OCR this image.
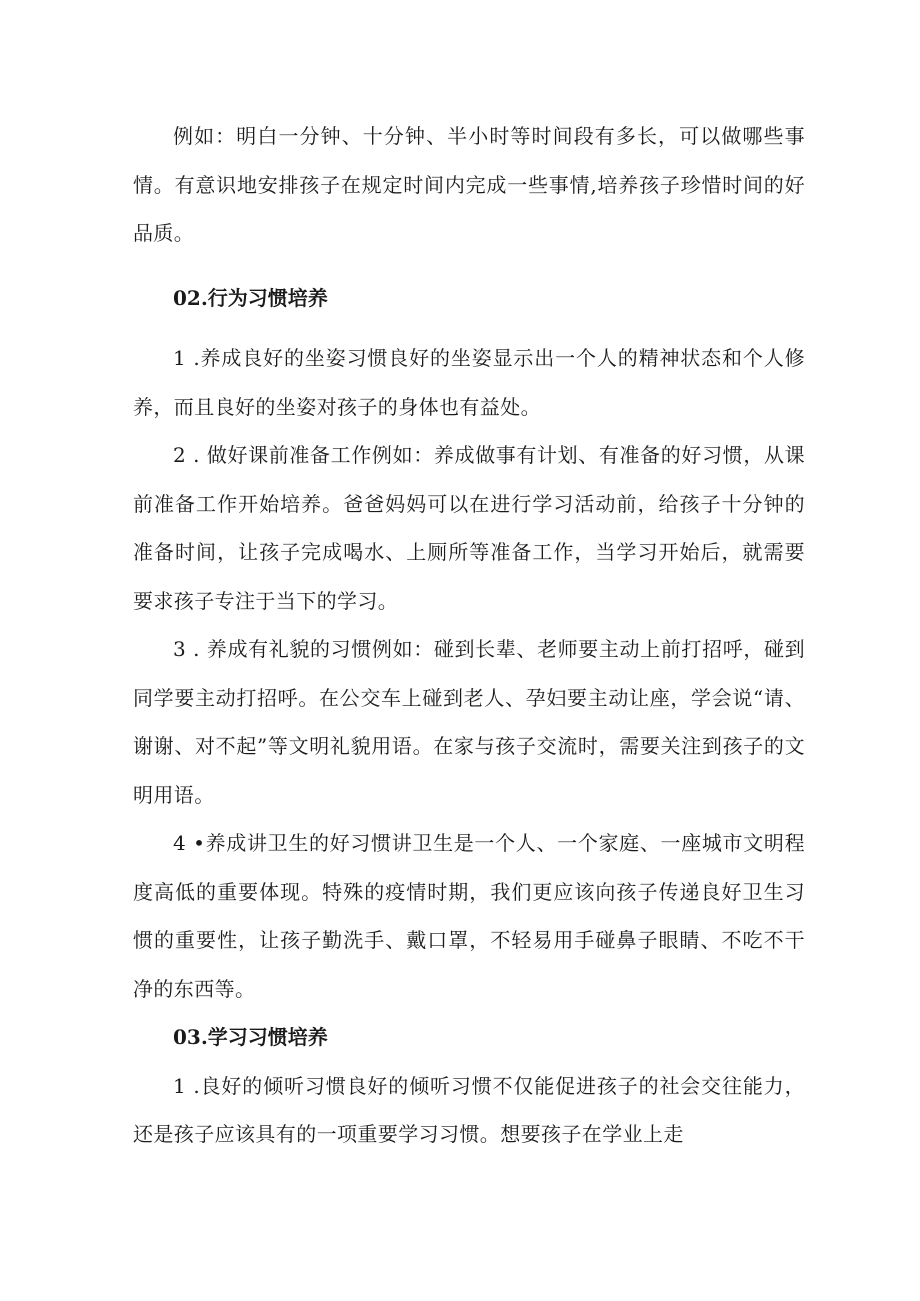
例如：明白一分钟、十分钟、半小时等时间段有多长，可以做哪些事情。有意识地安排孩子在规定时间内完成一些事情,培养孩子珍惜时间的好品质。

02.行为习惯培养

1 .养成良好的坐姿习惯良好的坐姿显示出一个人的精神状态和个人修养，而且良好的坐姿对孩子的身体也有益处。

2 . 做好课前准备工作例如：养成做事有计划、有准备的好习惯，从课前准备工作开始培养。爸爸妈妈可以在进行学习活动前，给孩子十分钟的准备时间，让孩子完成喝水、上厕所等准备工作，当学习开始后，就需要要求孩子专注于当下的学习。

3 . 养成有礼貌的习惯例如：碰到长辈、老师要主动上前打招呼，碰到同学要主动打招呼。在公交车上碰到老人、孕妇要主动让座，学会说“请、谢谢、对不起”等文明礼貌用语。在家与孩子交流时，需要关注到孩子的文明用语。

4 •养成讲卫生的好习惯讲卫生是一个人、一个家庭、一座城市文明程度高低的重要体现。特殊的疫情时期，我们更应该向孩子传递良好卫生习惯的重要性，让孩子勤洗手、戴口罩，不轻易用手碰鼻子眼睛、不吃不干净的东西等。

03.学习习惯培养

1 .良好的倾听习惯良好的倾听习惯不仅能促进孩子的社会交往能力，还是孩子应该具有的一项重要学习习惯。想要孩子在学业上走
